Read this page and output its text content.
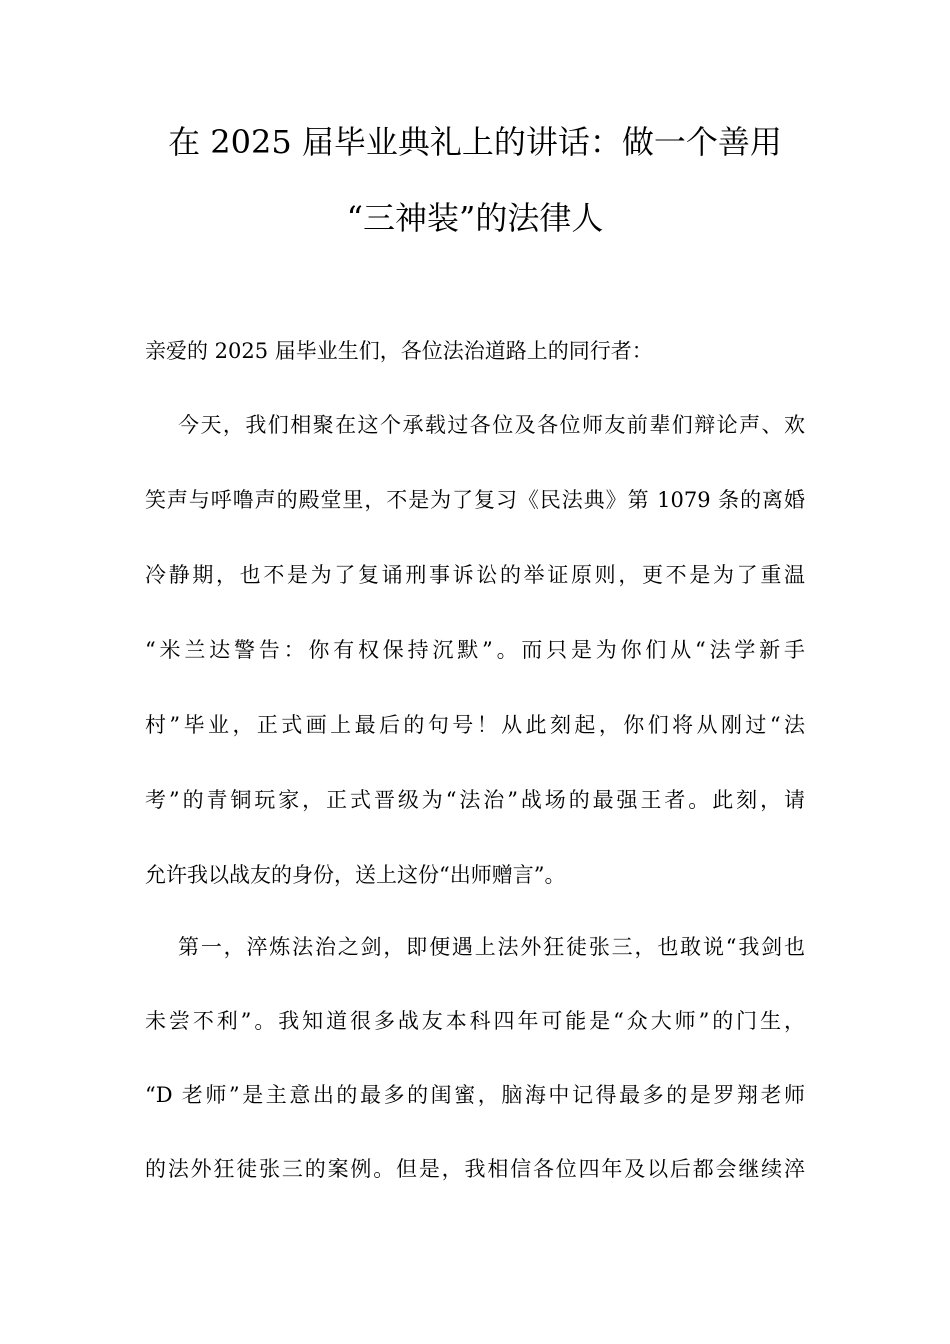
在 2025 届毕业典礼上的讲话：做一个善用
“三神装”的法律人
亲爱的 2025 届毕业生们，各位法治道路上的同行者：
今天，我们相聚在这个承载过各位及各位师友前辈们辩论声、欢
笑声与呼噜声的殿堂里，不是为了复习《民法典》第 1079 条的离婚
冷静期，也不是为了复诵刑事诉讼的举证原则，更不是为了重温
“米兰达警告：你有权保持沉默”。而只是为你们从“法学新手
村”毕业，正式画上最后的句号！从此刻起，你们将从刚过“法
考”的青铜玩家，正式晋级为“法治”战场的最强王者。此刻，请
允许我以战友的身份，送上这份“出师赠言”。
第一，淬炼法治之剑，即便遇上法外狂徒张三，也敢说“我剑也
未尝不利”。我知道很多战友本科四年可能是“众大师”的门生，
“D 老师”是主意出的最多的闺蜜，脑海中记得最多的是罗翔老师
的法外狂徒张三的案例。但是，我相信各位四年及以后都会继续淬
